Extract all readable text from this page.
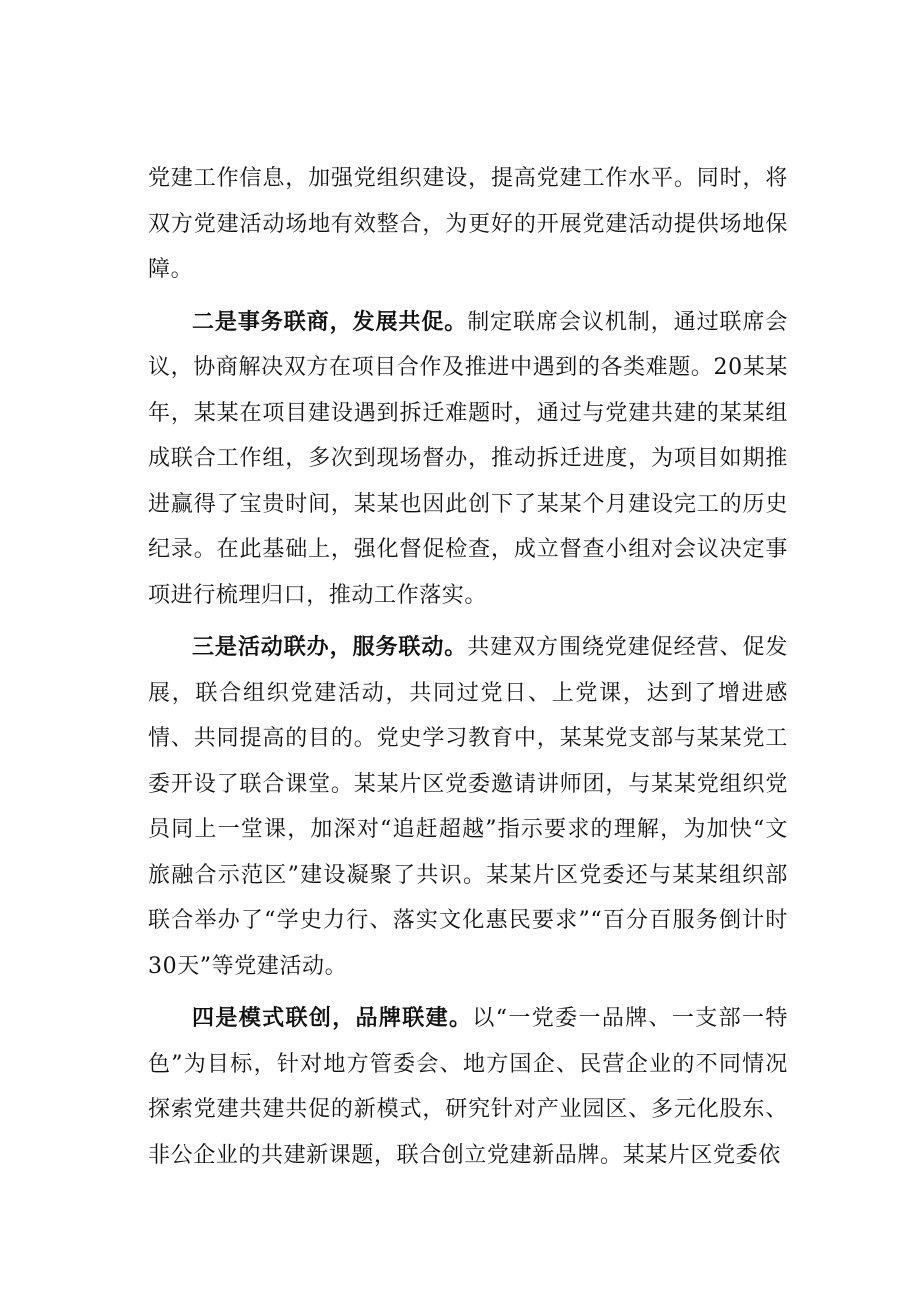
党建工作信息，加强党组织建设，提高党建工作水平。同时，将双方党建活动场地有效整合，为更好的开展党建活动提供场地保障。

二是事务联商，发展共促。制定联席会议机制，通过联席会议，协商解决双方在项目合作及推进中遇到的各类难题。20某某年，某某在项目建设遇到拆迁难题时，通过与党建共建的某某组成联合工作组，多次到现场督办，推动拆迁进度，为项目如期推进赢得了宝贵时间，某某也因此创下了某某个月建设完工的历史纪录。在此基础上，强化督促检查，成立督查小组对会议决定事项进行梳理归口，推动工作落实。

三是活动联办，服务联动。共建双方围绕党建促经营、促发展，联合组织党建活动，共同过党日、上党课，达到了增进感情、共同提高的目的。党史学习教育中，某某党支部与某某党工委开设了联合课堂。某某片区党委邀请讲师团，与某某党组织党员同上一堂课，加深对“追赶超越”指示要求的理解，为加快“文旅融合示范区”建设凝聚了共识。某某片区党委还与某某组织部联合举办了“学史力行、落实文化惠民要求”“百分百服务倒计时30天”等党建活动。

四是模式联创，品牌联建。以“一党委一品牌、一支部一特色”为目标，针对地方管委会、地方国企、民营企业的不同情况探索党建共建共促的新模式，研究针对产业园区、多元化股东、非公企业的共建新课题，联合创立党建新品牌。某某片区党委依
